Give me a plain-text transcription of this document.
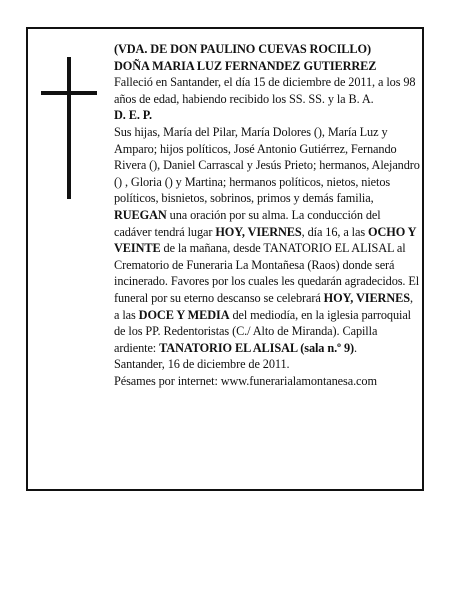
(VDA. DE DON PAULINO CUEVAS ROCILLO)

DOÑA MARIA LUZ FERNANDEZ GUTIERREZ

Falleció en Santander, el día 15 de diciembre de 2011, a los 98 años de edad, habiendo recibido los SS. SS. y la B. A.

D. E. P.

Sus hijas, María del Pilar, María Dolores (), María Luz y Amparo; hijos políticos, José Antonio Gutiérrez, Fernando Rivera (), Daniel Carrascal y Jesús Prieto; hermanos, Alejandro () , Gloria () y Martina; hermanos políticos, nietos, nietos políticos, bisnietos, sobrinos, primos y demás familia,

RUEGAN una oración por su alma. La conducción del cadáver tendrá lugar HOY, VIERNES, día 16, a las OCHO Y VEINTE de la mañana, desde TANATORIO EL ALISAL al Crematorio de Funeraria La Montañesa (Raos) donde será incinerado. Favores por los cuales les quedarán agradecidos. El funeral por su eterno descanso se celebrará HOY, VIERNES, a las DOCE Y MEDIA del mediodía, en la iglesia parroquial de los PP. Redentoristas (C./ Alto de Miranda). Capilla ardiente: TANATORIO EL ALISAL (sala n.º 9).

Santander, 16 de diciembre de 2011.

Pésames por internet: www.funerarialamontanesa.com
